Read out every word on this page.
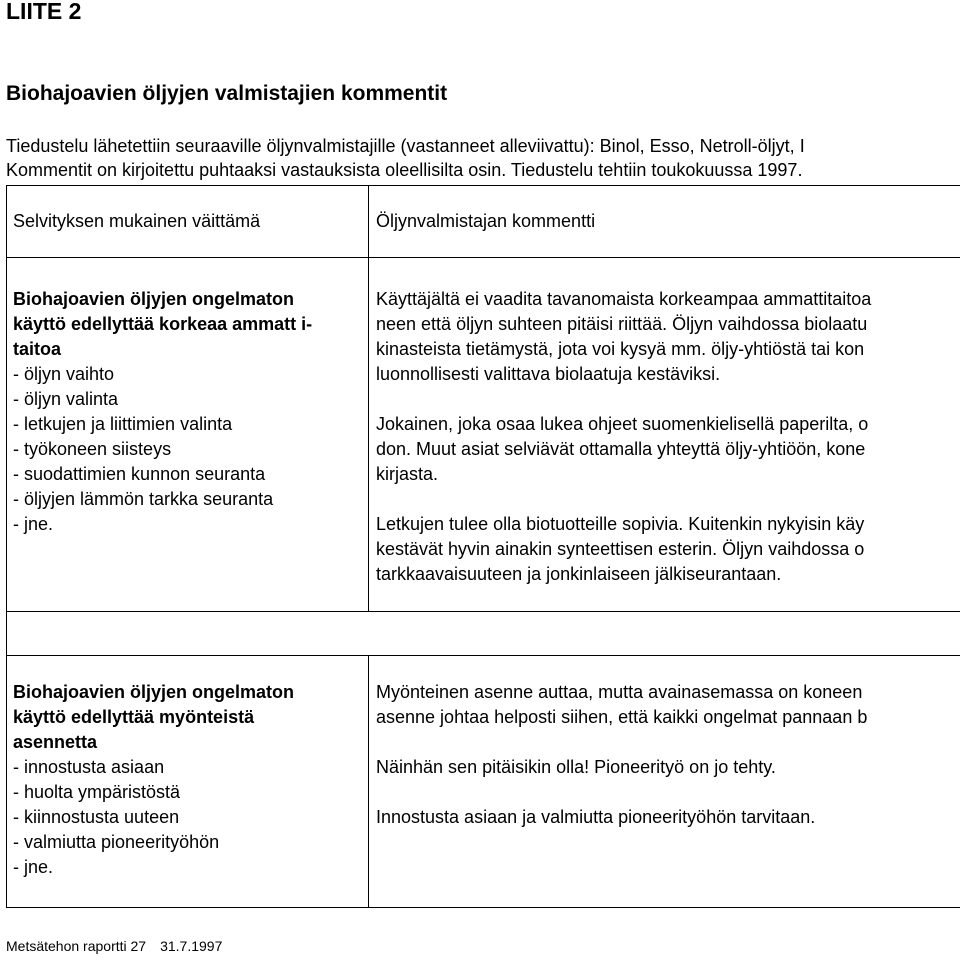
LIITE 2
Biohajoavien öljyjen valmistajien kommentit
Tiedustelu lähetettiin seuraaville öljynvalmistajille (vastanneet alleviivattu): Binol, Esso, Netroll-öljyt, I
Kommentit on kirjoitettu puhtaaksi vastauksista oleellisilta osin. Tiedustelu tehtiin toukokuussa 1997.
Selvityksen mukainen väittämä	Öljynvalmistajan kommentti
Biohajoavien öljyjen ongelmaton
käyttö edellyttää korkeaa ammatt i-
taitoa
- öljyn vaihto
- öljyn valinta
- letkujen ja liittimien valinta
- työkoneen siisteys
- suodattimien kunnon seuranta
- öljyjen lämmön tarkka seuranta
- jne.
Käyttäjältä ei vaadita tavanomaista korkeampaa ammattitaitoa
neen että öljyn suhteen pitäisi riittää. Öljyn vaihdossa biolaatu
kinasteista tietämystä, jota voi kysyä mm. öljy-yhtiöstä tai kon
luonnollisesti valittava biolaatuja kestäviksi.
Jokainen, joka osaa lukea ohjeet suomenkielisellä paperilta, o
don. Muut asiat selviävät ottamalla yhteyttä öljy-yhtiöön, kone
kirjasta.
Letkujen tulee olla biotuotteille sopivia. Kuitenkin nykyisin käy
kestävät hyvin ainakin synteettisen esterin. Öljyn vaihdossa o
tarkkaavaisuuteen ja jonkinlaiseen jälkiseurantaan.
Biohajoavien öljyjen ongelmaton
käyttö edellyttää myönteistä
asennetta
- innostusta asiaan
- huolta ympäristöstä
- kiinnostusta uuteen
- valmiutta pioneerityöhön
- jne.
Myönteinen asenne auttaa, mutta avainasemassa on koneen
asenne johtaa helposti siihen, että kaikki ongelmat pannaan b
Näinhän sen pitäisikin olla! Pioneerityö on jo tehty.
Innostusta asiaan ja valmiutta pioneerityöhön tarvitaan.
Metsätehon raportti 27 31.7.1997
